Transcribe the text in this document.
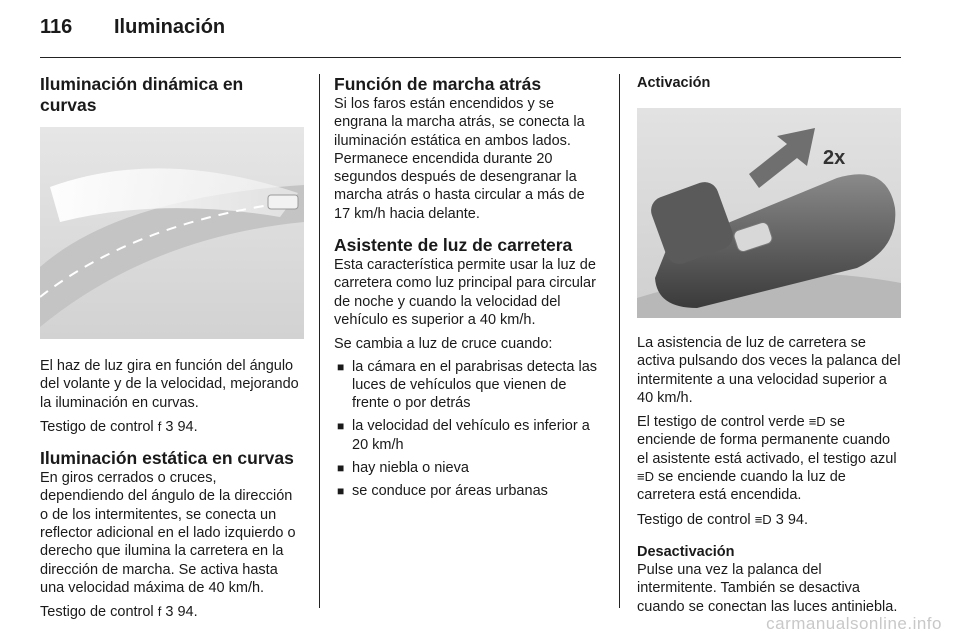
116 Iluminación
Iluminación dinámica en curvas

El haz de luz gira en función del ángulo del volante y de la velocidad, mejorando la iluminación en curvas.

Testigo de control f 3 94.

Iluminación estática en curvas

En giros cerrados o cruces, dependiendo del ángulo de la dirección o de los intermitentes, se conecta un reflector adicional en el lado izquierdo o derecho que ilumina la carretera en la dirección de marcha. Se activa hasta una velocidad máxima de 40 km/h.

Testigo de control f 3 94.

Función de marcha atrás

Si los faros están encendidos y se engrana la marcha atrás, se conecta la iluminación estática en ambos lados. Permanece encendida durante 20 segundos después de desengranar la marcha atrás o hasta circular a más de 17 km/h hacia delante.

Asistente de luz de carretera

Esta característica permite usar la luz de carretera como luz principal para circular de noche y cuando la velocidad del vehículo es superior a 40 km/h.

Se cambia a luz de cruce cuando:

■ la cámara en el parabrisas detecta las luces de vehículos que vienen de frente o por detrás
■ la velocidad del vehículo es inferior a 20 km/h
■ hay niebla o nieva
■ se conduce por áreas urbanas
Activación
2x

La asistencia de luz de carretera se activa pulsando dos veces la palanca del intermitente a una velocidad superior a 40 km/h.

El testigo de control verde ≡D se enciende de forma permanente cuando el asistente está activado, el testigo azul ≡D se enciende cuando la luz de carretera está encendida.

Testigo de control ≡D 3 94.

Desactivación

Pulse una vez la palanca del intermitente. También se desactiva cuando se conectan las luces antiniebla.

carmanualsonline.info
